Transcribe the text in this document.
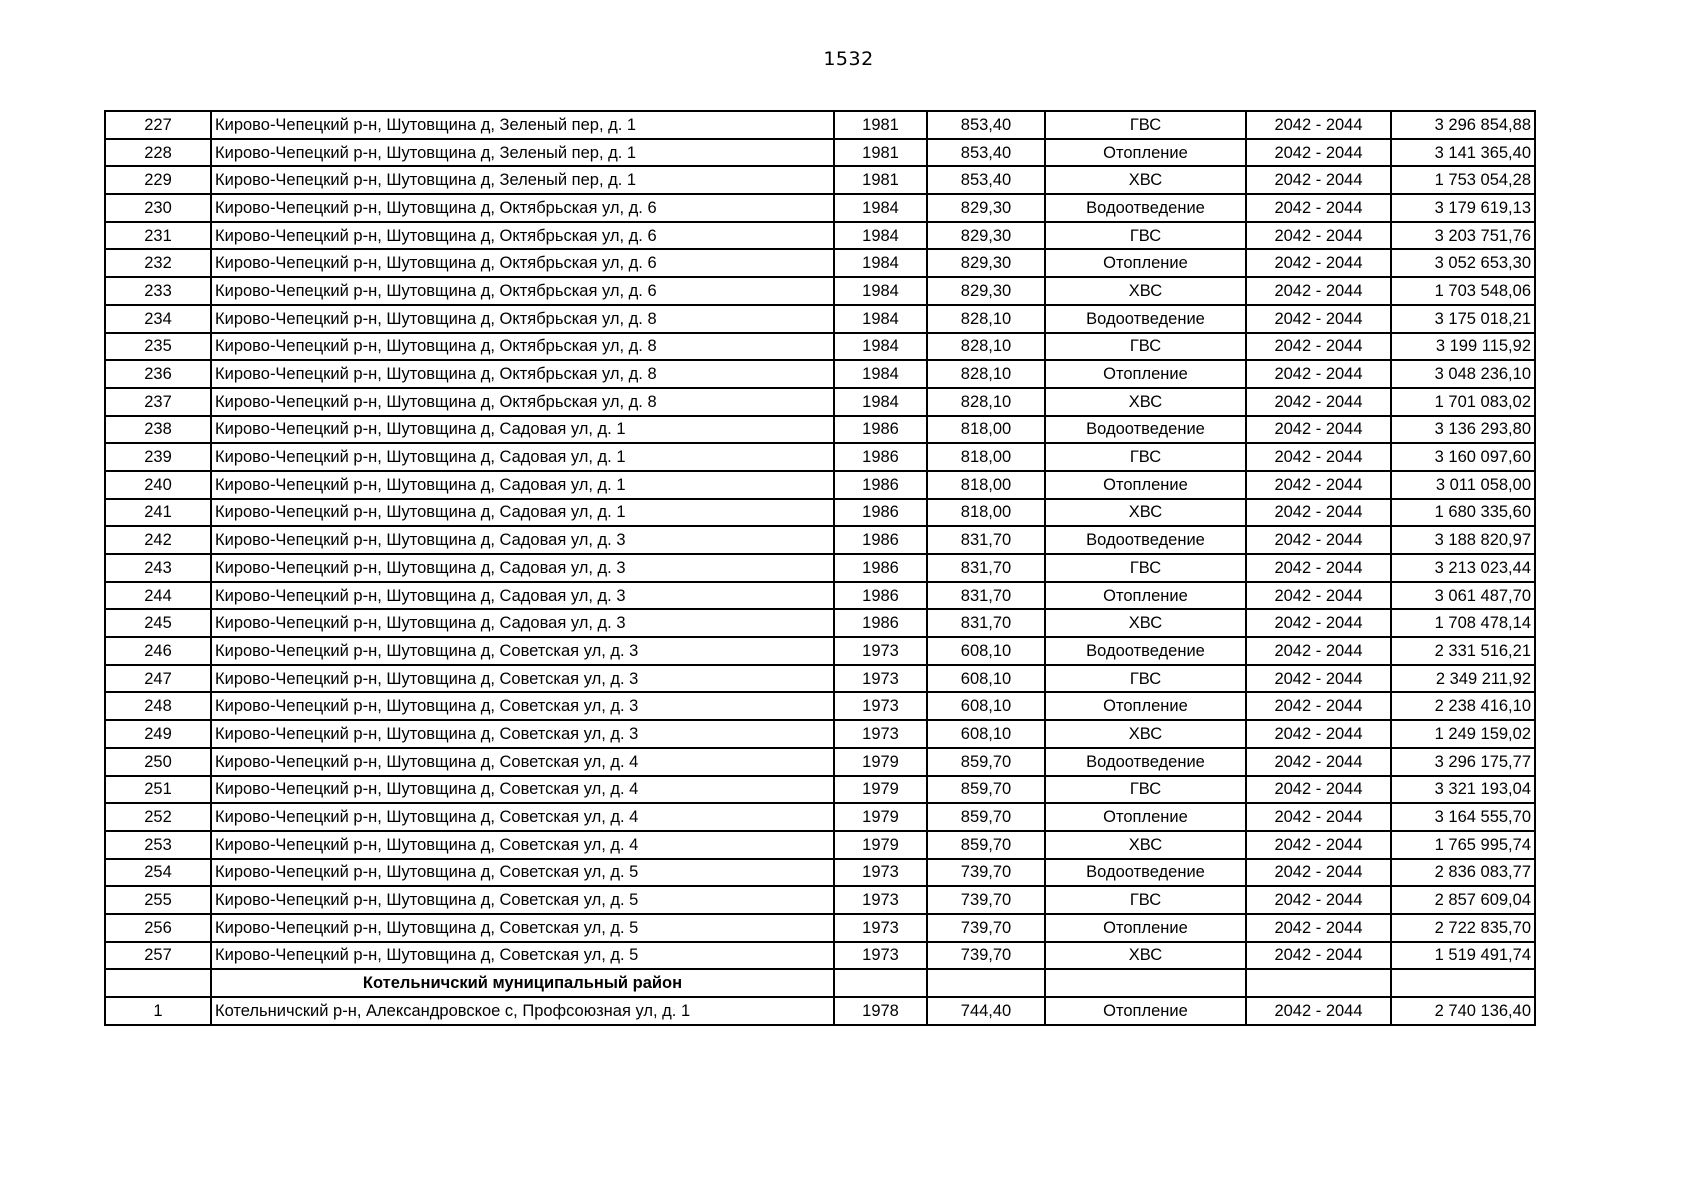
1532
227	Кирово-Чепецкий р-н, Шутовщина д, Зеленый пер, д. 1	1981	853,40	ГВС	2042 - 2044	3 296 854,88
228	Кирово-Чепецкий р-н, Шутовщина д, Зеленый пер, д. 1	1981	853,40	Отопление	2042 - 2044	3 141 365,40
229	Кирово-Чепецкий р-н, Шутовщина д, Зеленый пер, д. 1	1981	853,40	ХВС	2042 - 2044	1 753 054,28
230	Кирово-Чепецкий р-н, Шутовщина д, Октябрьская ул, д. 6	1984	829,30	Водоотведение	2042 - 2044	3 179 619,13
231	Кирово-Чепецкий р-н, Шутовщина д, Октябрьская ул, д. 6	1984	829,30	ГВС	2042 - 2044	3 203 751,76
232	Кирово-Чепецкий р-н, Шутовщина д, Октябрьская ул, д. 6	1984	829,30	Отопление	2042 - 2044	3 052 653,30
233	Кирово-Чепецкий р-н, Шутовщина д, Октябрьская ул, д. 6	1984	829,30	ХВС	2042 - 2044	1 703 548,06
234	Кирово-Чепецкий р-н, Шутовщина д, Октябрьская ул, д. 8	1984	828,10	Водоотведение	2042 - 2044	3 175 018,21
235	Кирово-Чепецкий р-н, Шутовщина д, Октябрьская ул, д. 8	1984	828,10	ГВС	2042 - 2044	3 199 115,92
236	Кирово-Чепецкий р-н, Шутовщина д, Октябрьская ул, д. 8	1984	828,10	Отопление	2042 - 2044	3 048 236,10
237	Кирово-Чепецкий р-н, Шутовщина д, Октябрьская ул, д. 8	1984	828,10	ХВС	2042 - 2044	1 701 083,02
238	Кирово-Чепецкий р-н, Шутовщина д, Садовая ул, д. 1	1986	818,00	Водоотведение	2042 - 2044	3 136 293,80
239	Кирово-Чепецкий р-н, Шутовщина д, Садовая ул, д. 1	1986	818,00	ГВС	2042 - 2044	3 160 097,60
240	Кирово-Чепецкий р-н, Шутовщина д, Садовая ул, д. 1	1986	818,00	Отопление	2042 - 2044	3 011 058,00
241	Кирово-Чепецкий р-н, Шутовщина д, Садовая ул, д. 1	1986	818,00	ХВС	2042 - 2044	1 680 335,60
242	Кирово-Чепецкий р-н, Шутовщина д, Садовая ул, д. 3	1986	831,70	Водоотведение	2042 - 2044	3 188 820,97
243	Кирово-Чепецкий р-н, Шутовщина д, Садовая ул, д. 3	1986	831,70	ГВС	2042 - 2044	3 213 023,44
244	Кирово-Чепецкий р-н, Шутовщина д, Садовая ул, д. 3	1986	831,70	Отопление	2042 - 2044	3 061 487,70
245	Кирово-Чепецкий р-н, Шутовщина д, Садовая ул, д. 3	1986	831,70	ХВС	2042 - 2044	1 708 478,14
246	Кирово-Чепецкий р-н, Шутовщина д, Советская ул, д. 3	1973	608,10	Водоотведение	2042 - 2044	2 331 516,21
247	Кирово-Чепецкий р-н, Шутовщина д, Советская ул, д. 3	1973	608,10	ГВС	2042 - 2044	2 349 211,92
248	Кирово-Чепецкий р-н, Шутовщина д, Советская ул, д. 3	1973	608,10	Отопление	2042 - 2044	2 238 416,10
249	Кирово-Чепецкий р-н, Шутовщина д, Советская ул, д. 3	1973	608,10	ХВС	2042 - 2044	1 249 159,02
250	Кирово-Чепецкий р-н, Шутовщина д, Советская ул, д. 4	1979	859,70	Водоотведение	2042 - 2044	3 296 175,77
251	Кирово-Чепецкий р-н, Шутовщина д, Советская ул, д. 4	1979	859,70	ГВС	2042 - 2044	3 321 193,04
252	Кирово-Чепецкий р-н, Шутовщина д, Советская ул, д. 4	1979	859,70	Отопление	2042 - 2044	3 164 555,70
253	Кирово-Чепецкий р-н, Шутовщина д, Советская ул, д. 4	1979	859,70	ХВС	2042 - 2044	1 765 995,74
254	Кирово-Чепецкий р-н, Шутовщина д, Советская ул, д. 5	1973	739,70	Водоотведение	2042 - 2044	2 836 083,77
255	Кирово-Чепецкий р-н, Шутовщина д, Советская ул, д. 5	1973	739,70	ГВС	2042 - 2044	2 857 609,04
256	Кирово-Чепецкий р-н, Шутовщина д, Советская ул, д. 5	1973	739,70	Отопление	2042 - 2044	2 722 835,70
257	Кирово-Чепецкий р-н, Шутовщина д, Советская ул, д. 5	1973	739,70	ХВС	2042 - 2044	1 519 491,74
	Котельничский муниципальный район					
1	Котельничский р-н, Александровское с, Профсоюзная ул, д. 1	1978	744,40	Отопление	2042 - 2044	2 740 136,40
